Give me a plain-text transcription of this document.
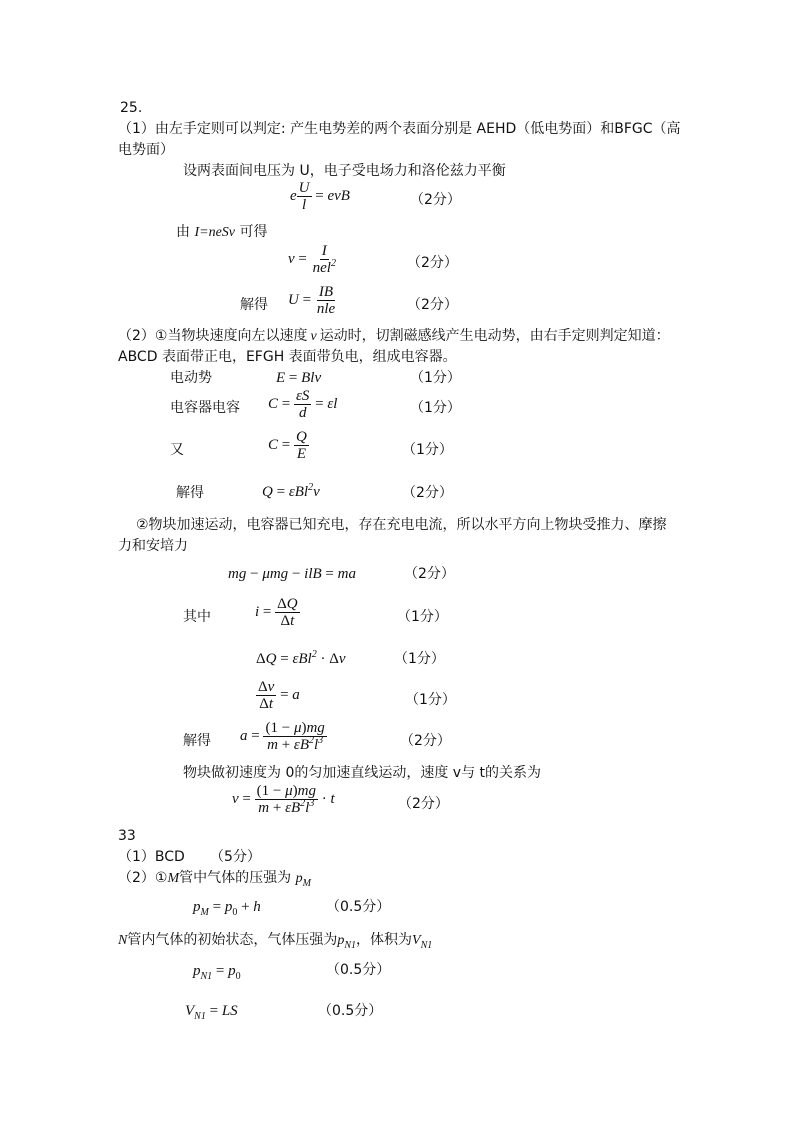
25.
（1）由左手定则可以判定: 产生电势差的两个表面分别是 AEHD（低电势面）和BFGC（高
电势面）
设两表面间电压为 U，电子受电场力和洛伦兹力平衡
e $\frac{U}{l}$ = evB	（2分）
由 I=neSv 可得
$v = \frac{I}{nel^2}$	（2分）
解得 $U = \frac{IB}{\text{nle}}$	（2分）
（2）①当物块速度向左以速度 v 运动时，切割磁感线产生电动势，由右手定则判定知道：
ABCD 表面带正电，EFGH 表面带负电，组成电容器。
电动势	E = Blv	（1分）
电容器电容 $C = \frac{\varepsilon S}{d} = \varepsilon l$	（1分）
又	$C = \frac{Q}{E}$	（1分）
解得	Q = εBl$^2$v	（2分）
②物块加速运动，电容器已知充电，存在充电电流，所以水平方向上物块受推力、摩擦
力和安培力
mg − μmg − ilB = ma	（2分）
其中	$i = \frac{\Delta Q}{\Delta t}$	（1分）
ΔQ = εBl$^2$ · Δv	（1分）
$\frac{\Delta v}{\Delta t} = a$	（1分）
解得 $a = \frac{(1 - \mu)mg}{m + \varepsilon B^2l^3}$	（2分）
物块做初速度为 0的匀加速直线运动，速度 v与 t的关系为
$v = \frac{(1 - \mu)mg}{m + \varepsilon B^2l^3} \cdot t$	（2分）
33
（1）BCD （5分）
（2）①M管中气体的压强为 $p_M$
$p_M = p_0 + h$	（0.5分）
N管内气体的初始状态，气体压强为$p_{N1}$，体积为$V_{N1}$
$p_{N1} = p_0$	（0.5分）
$V_{N1}$ = LS	（0.5分）
